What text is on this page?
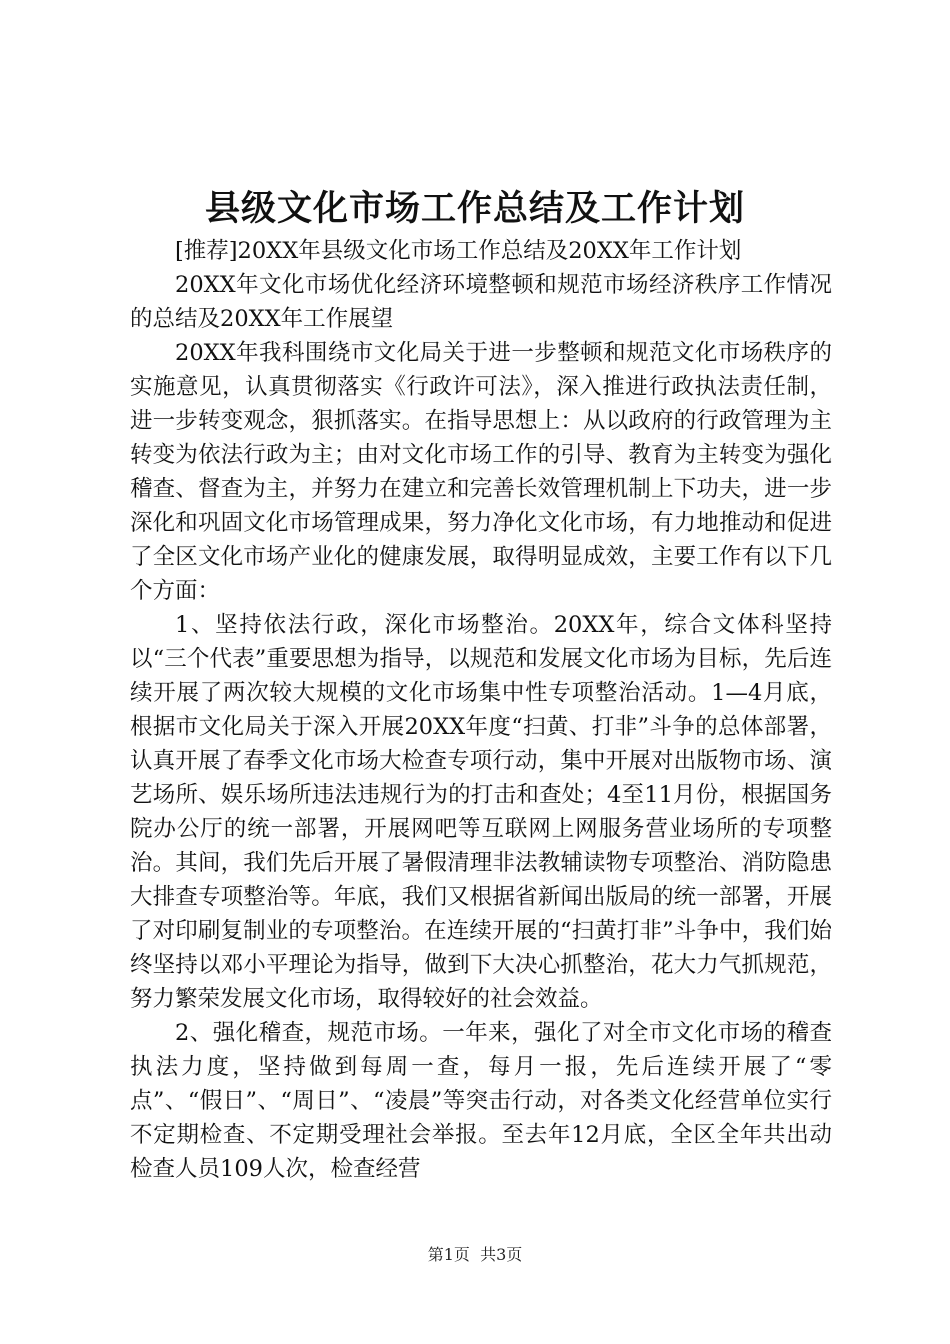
县级文化市场工作总结及工作计划

[推荐]20XX年县级文化市场工作总结及20XX年工作计划

20XX年文化市场优化经济环境整顿和规范市场经济秩序工作情况的总结及20XX年工作展望

20XX年我科围绕市文化局关于进一步整顿和规范文化市场秩序的实施意见，认真贯彻落实《行政许可法》，深入推进行政执法责任制，进一步转变观念，狠抓落实。在指导思想上：从以政府的行政管理为主转变为依法行政为主；由对文化市场工作的引导、教育为主转变为强化稽查、督查为主，并努力在建立和完善长效管理机制上下功夫，进一步深化和巩固文化市场管理成果，努力净化文化市场，有力地推动和促进了全区文化市场产业化的健康发展，取得明显成效，主要工作有以下几个方面：

1、坚持依法行政，深化市场整治。20XX年，综合文体科坚持以“三个代表”重要思想为指导，以规范和发展文化市场为目标，先后连续开展了两次较大规模的文化市场集中性专项整治活动。1—4月底，根据市文化局关于深入开展20XX年度“扫黄、打非”斗争的总体部署，认真开展了春季文化市场大检查专项行动，集中开展对出版物市场、演艺场所、娱乐场所违法违规行为的打击和查处；4至11月份，根据国务院办公厅的统一部署，开展网吧等互联网上网服务营业场所的专项整治。其间，我们先后开展了暑假清理非法教辅读物专项整治、消防隐患大排查专项整治等。年底，我们又根据省新闻出版局的统一部署，开展了对印刷复制业的专项整治。在连续开展的“扫黄打非”斗争中，我们始终坚持以邓小平理论为指导，做到下大决心抓整治，花大力气抓规范，努力繁荣发展文化市场，取得较好的社会效益。

2、强化稽查，规范市场。一年来，强化了对全市文化市场的稽查执法力度，坚持做到每周一查，每月一报，先后连续开展了“零点”、“假日”、“周日”、“凌晨”等突击行动，对各类文化经营单位实行不定期检查、不定期受理社会举报。至去年12月底，全区全年共出动检查人员109人次，检查经营

第1页 共3页
